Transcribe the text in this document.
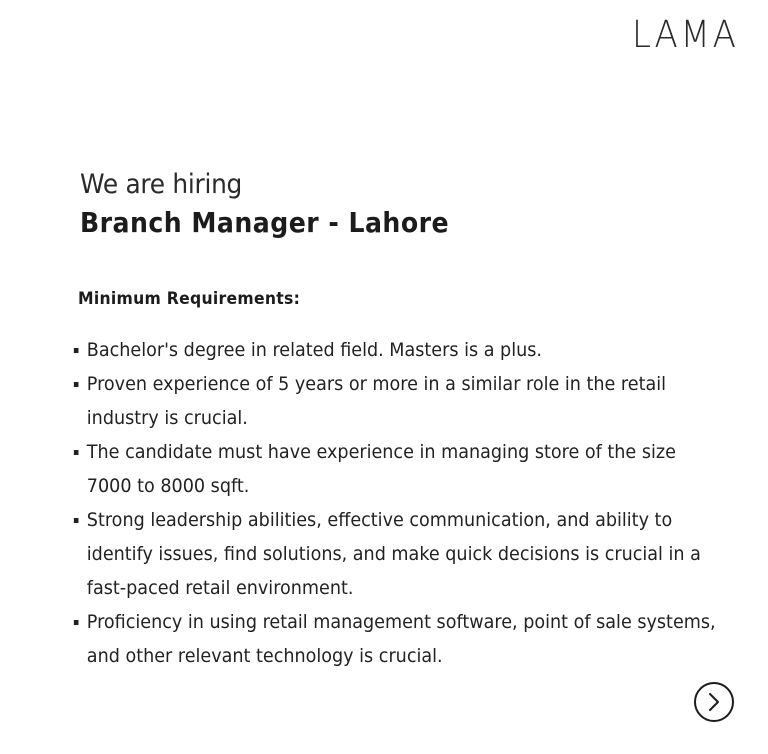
LAMA
We are hiring
Branch Manager - Lahore
Minimum Requirements:
Bachelor's degree in related field. Masters is a plus.
Proven experience of 5 years or more in a similar role in the retail industry is crucial.
The candidate must have experience in managing store of the size 7000 to 8000 sqft.
Strong leadership abilities, effective communication, and ability to identify issues, find solutions, and make quick decisions is crucial in a fast-paced retail environment.
Proficiency in using retail management software, point of sale systems, and other relevant technology is crucial.
